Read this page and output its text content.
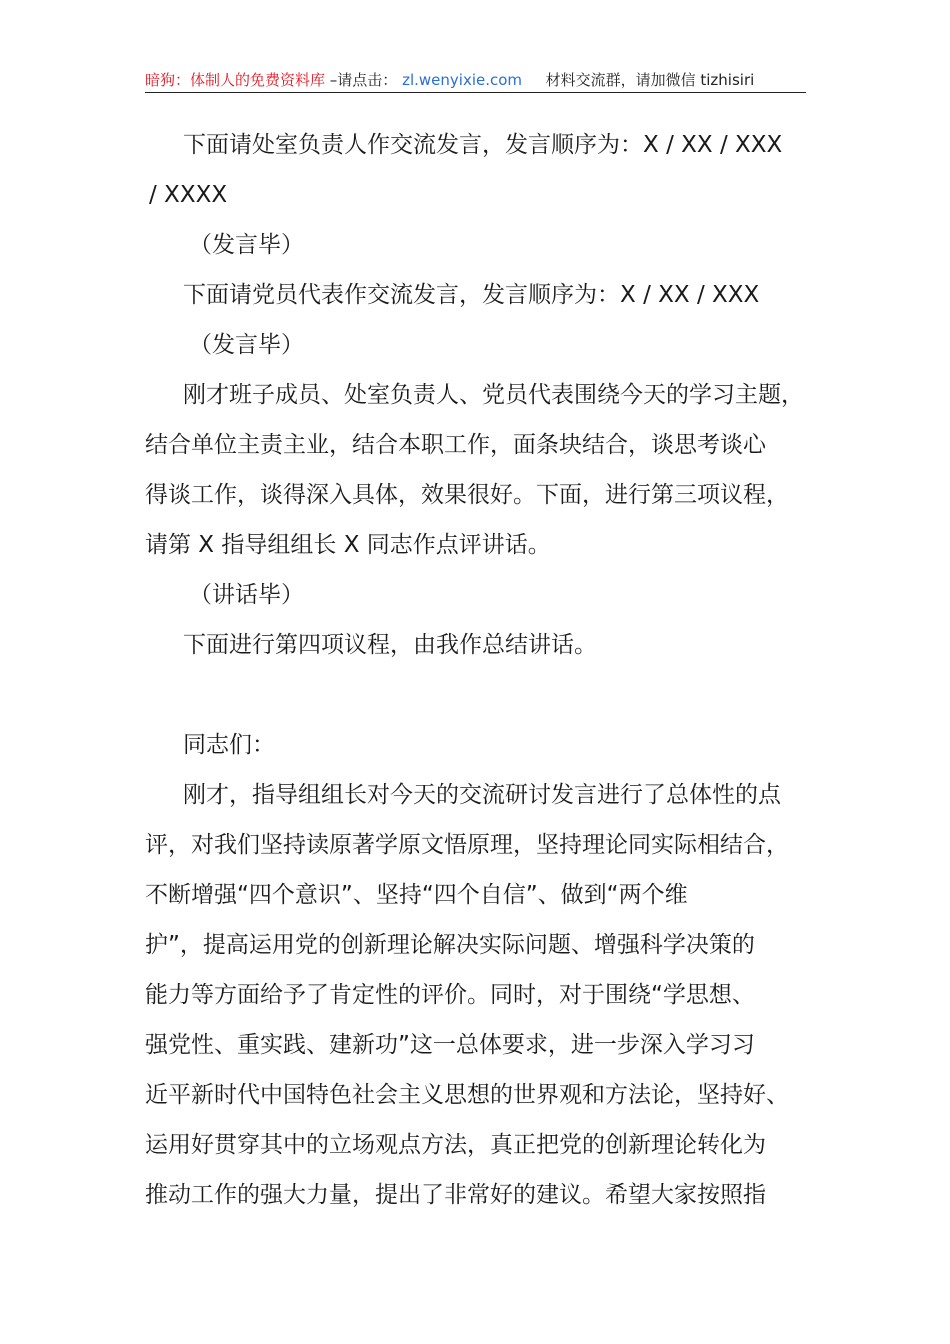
暗狗：体制人的免费资料库 –请点击： zl.wenyixie.com 材料交流群，请加微信 tizhisiri
下面请处室负责人作交流发言，发言顺序为：X / XX / XXX
/ XXXX
（发言毕）
下面请党员代表作交流发言，发言顺序为：X / XX / XXX
（发言毕）
刚才班子成员、处室负责人、党员代表围绕今天的学习主题，
结合单位主责主业，结合本职工作，面条块结合，谈思考谈心
得谈工作，谈得深入具体，效果很好。下面，进行第三项议程，
请第 X 指导组组长 X 同志作点评讲话。
（讲话毕）
下面进行第四项议程，由我作总结讲话。
同志们：
刚才，指导组组长对今天的交流研讨发言进行了总体性的点
评，对我们坚持读原著学原文悟原理，坚持理论同实际相结合，
不断增强“四个意识”、坚持“四个自信”、做到“两个维
护”，提高运用党的创新理论解决实际问题、增强科学决策的
能力等方面给予了肯定性的评价。同时，对于围绕“学思想、
强党性、重实践、建新功”这一总体要求，进一步深入学习习
近平新时代中国特色社会主义思想的世界观和方法论，坚持好、
运用好贯穿其中的立场观点方法，真正把党的创新理论转化为
推动工作的强大力量，提出了非常好的建议。希望大家按照指
